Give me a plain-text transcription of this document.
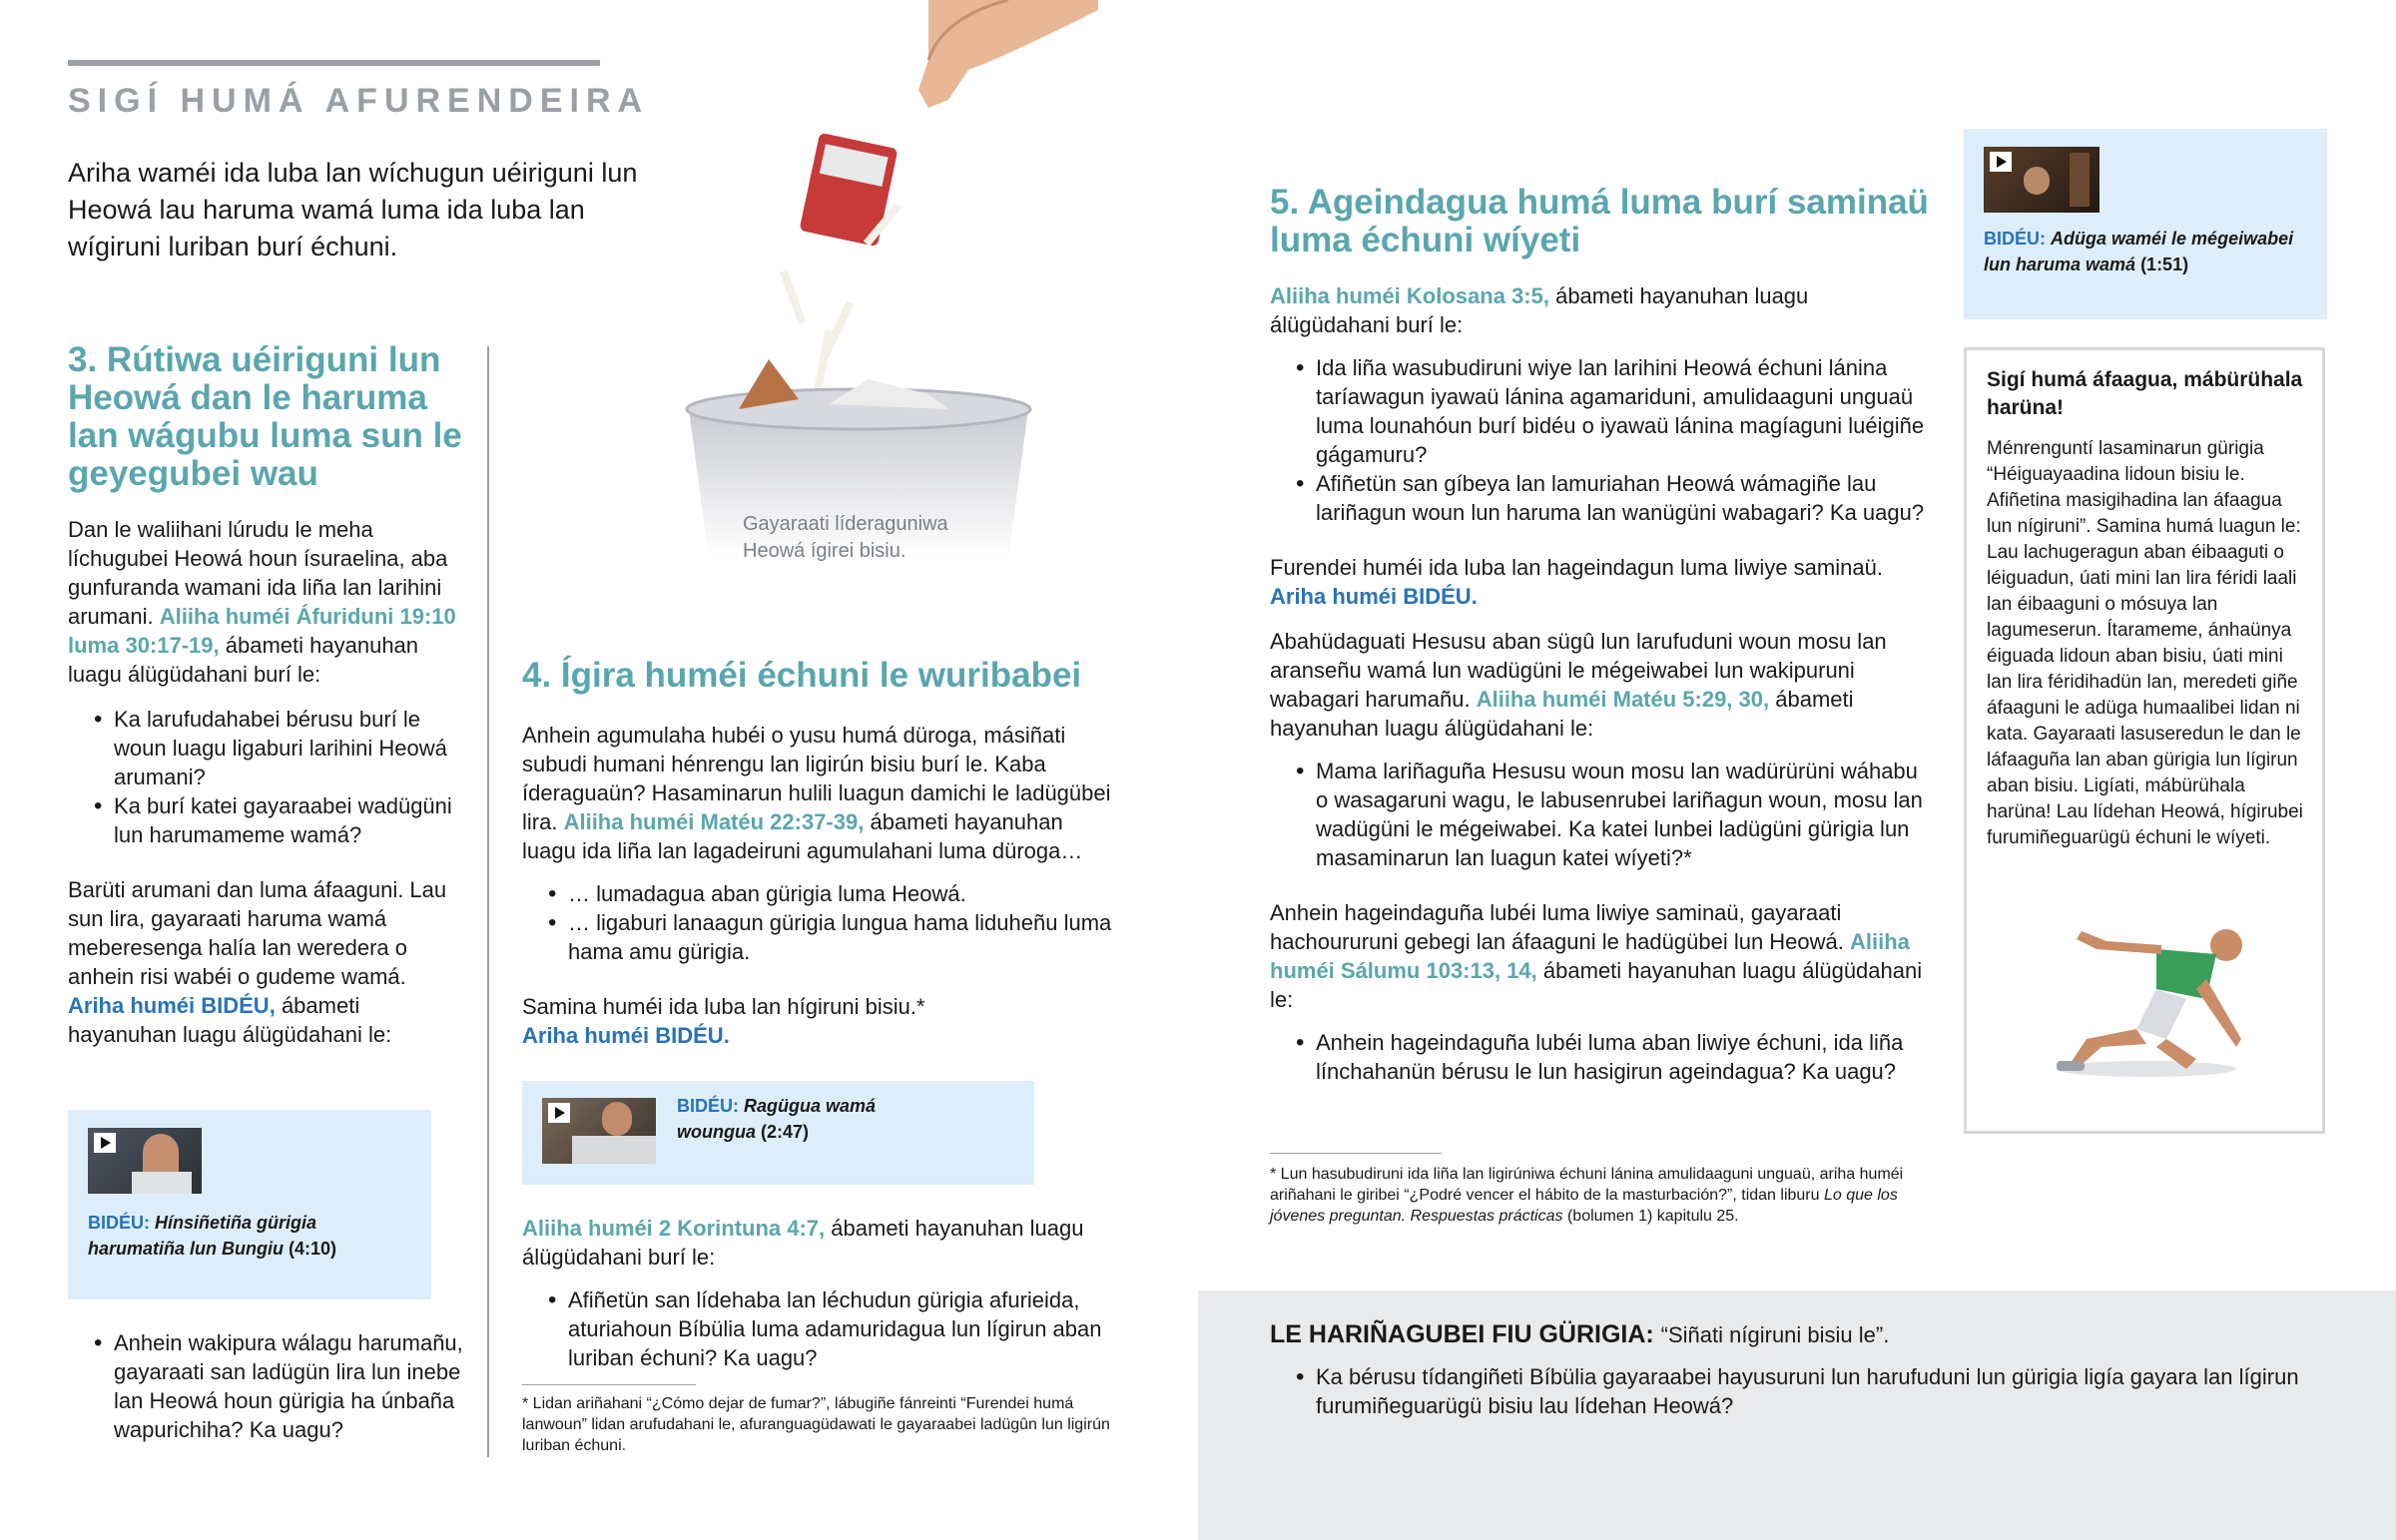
SIGÍ HUMÁ AFURENDEIRA
Ariha waméi ida luba lan wíchugun uéiriguni lun Heowá lau haruma wamá luma ida luba lan wígiruni luriban burí échuni.
3. Rútiwa uéiriguni lun Heowá dan le haruma lan wágubu luma sun le geyegubei wau

Dan le waliihani lúrudu le meha líchugubei Heowá houn ísuraelina, aba gunfuranda wamani ida liña lan larihini arumani. Aliiha huméi Áfuriduni 19:10 luma 30:17-19, ábameti hayanuhan luagu álügüdahani burí le:

• Ka larufudahabei bérusu burí le woun luagu ligaburi larihini Heowá arumani?
• Ka burí katei gayaraabei wadügüni lun harumameme wamá?

Barüti arumani dan luma áfaaguni. Lau sun lira, gayaraati haruma wamá meberesenga halía lan weredera o anhein risi wabéi o gudeme wamá. Ariha huméi BIDÉU, ábameti hayanuhan luagu álügüdahani le:

BIDÉU: Hínsiñetiña gürigia harumatiña lun Bungiu (4:10)
• Anhein wakipura wálagu harumañu, gayaraati san ladügün lira lun inebe lan Heowá houn gürigia ha únbaña wapurichiha? Ka uagu?
Gayaraati líderaguniwa
Heowá ígirei bisiu.
4. Ígira huméi échuni le wuribabei

Anhein agumulaha hubéi o yusu humá düroga, másiñati subudi humani hénrengu lan ligirún bisiu burí le. Kaba íderaguaün? Hasaminarun hulili luagun damichi le ladügübei lira. Aliiha huméi Matéu 22:37-39, ábameti hayanuhan luagu ida liña lan lagadeiruni agumulahani luma düroga…

• … lumadagua aban gürigia luma Heowá.
• … ligaburi lanaagun gürigia lungua hama liduheñu luma hama amu gürigia.

Samina huméi ida luba lan hígiruni bisiu.*
Ariha huméi BIDÉU.

BIDÉU: Ragügua wamá woungua (2:47)

Aliiha huméi 2 Korintuna 4:7, ábameti hayanuhan luagu álügüdahani burí le:

• Afiñetün san lídehaba lan léchudun gürigia afurieida, aturiahoun Bíbülia luma adamuridagua lun lígirun aban luriban échuni? Ka uagu?
* Lidan ariñahani “¿Cómo dejar de fumar?”, lábugiñe fánreinti “Furendei humá lanwoun” lidan arufudahani le, afuranguagüdawati le gayaraabei ladügûn lun ligirún luriban échuni.
5. Ageindagua humá luma burí saminaü luma échuni wíyeti

Aliiha huméi Kolosana 3:5, ábameti hayanuhan luagu álügüdahani burí le:

• Ida liña wasubudiruni wiye lan larihini Heowá échuni lánina taríawagun iyawaü lánina agamariduni, amulidaaguni unguaü luma lounahóun burí bidéu o iyawaü lánina magíaguni luéigiñe gágamuru?
• Afiñetün san gíbeya lan lamuriahan Heowá wámagiñe lau lariñagun woun lun haruma lan wanügüni wabagari? Ka uagu?

Furendei huméi ida luba lan hageindagun luma liwiye saminaü. Ariha huméi BIDÉU.

Abahüdaguati Hesusu aban sügû lun larufuduni woun mosu lan aranseñu wamá lun wadügüni le mégeiwabei lun wakipuruni wabagari harumañu. Aliiha huméi Matéu 5:29, 30, ábameti hayanuhan luagu álügüdahani le:

• Mama lariñaguña Hesusu woun mosu lan wadürürüni wáhabu o wasagaruni wagu, le labusenrubei lariñagun woun, mosu lan wadügüni le mégeiwabei. Ka katei lunbei ladügüni gürigia lun masaminarun lan luagun katei wíyeti?*

Anhein hageindaguña lubéi luma liwiye saminaü, gayaraati hachoururuni gebegi lan áfaaguni le hadügübei lun Heowá. Aliiha huméi Sálumu 103:13, 14, ábameti hayanuhan luagu álügüdahani le:

• Anhein hageindaguña lubéi luma aban liwiye échuni, ida liña línchahanün bérusu le lun hasigirun ageindagua? Ka uagu?
* Lun hasubudiruni ida liña lan ligirúniwa échuni lánina amulidaaguni unguaü, ariha huméi ariñahani le giribei “¿Podré vencer el hábito de la masturbación?”, tidan liburu Lo que los jóvenes preguntan. Respuestas prácticas (bolumen 1) kapitulu 25.
BIDÉU: Adüga waméi le mégeiwabei lun haruma wamá (1:51)
Sigí humá áfaagua, mábürühala harüna!
Ménrenguntí lasaminarun gürigia “Héiguayaadina lidoun bisiu le. Afiñetina masigihadina lan áfaagua lun nígiruni”. Samina humá luagun le: Lau lachugeragun aban éibaaguti o léiguadun, úati mini lan lira féridi laali lan éibaaguni o mósuya lan lagumeserun. Ítarameme, ánhaünya éiguada lidoun aban bisiu, úati mini lan lira féridihadün lan, meredeti giñe áfaaguni le adüga humaalibei lidan ni kata. Gayaraati lasuseredun le dan le láfaaguña lan aban gürigia lun lígirun aban bisiu. Ligíati, mábürühala harüna! Lau lídehan Heowá, hígirubei furumiñeguarügü échuni le wíyeti.
LE HARIÑAGUBEI FIU GÜRIGIA: “Siñati nígiruni bisiu le”.
• Ka bérusu tídangiñeti Bíbülia gayaraabei hayusuruni lun harufuduni lun gürigia ligía gayara lan lígirun furumiñeguarügü bisiu lau lídehan Heowá?
